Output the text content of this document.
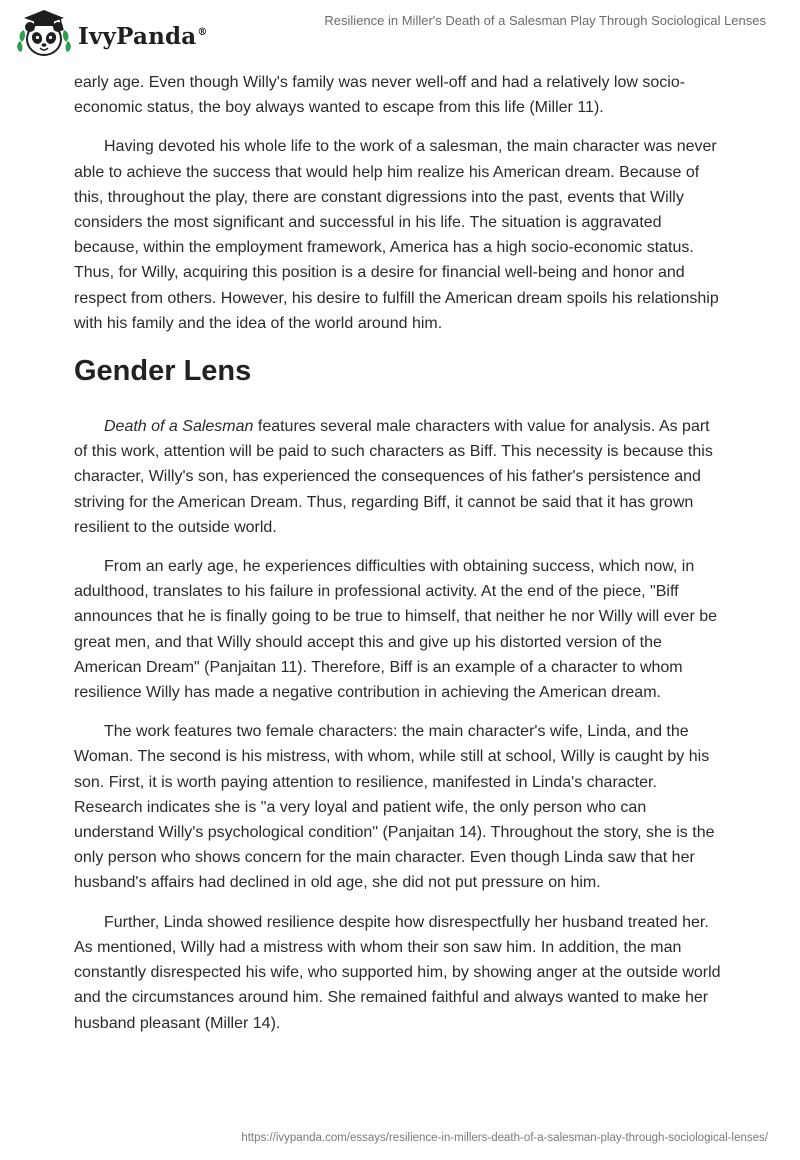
IvyPanda®
Resilience in Miller's Death of a Salesman Play Through Sociological Lenses

early age. Even though Willy's family was never well-off and had a relatively low socio-economic status, the boy always wanted to escape from this life (Miller 11).

Having devoted his whole life to the work of a salesman, the main character was never able to achieve the success that would help him realize his American dream. Because of this, throughout the play, there are constant digressions into the past, events that Willy considers the most significant and successful in his life. The situation is aggravated because, within the employment framework, America has a high socio-economic status. Thus, for Willy, acquiring this position is a desire for financial well-being and honor and respect from others. However, his desire to fulfill the American dream spoils his relationship with his family and the idea of the world around him.

Gender Lens

Death of a Salesman features several male characters with value for analysis. As part of this work, attention will be paid to such characters as Biff. This necessity is because this character, Willy's son, has experienced the consequences of his father's persistence and striving for the American Dream. Thus, regarding Biff, it cannot be said that it has grown resilient to the outside world.

From an early age, he experiences difficulties with obtaining success, which now, in adulthood, translates to his failure in professional activity. At the end of the piece, "Biff announces that he is finally going to be true to himself, that neither he nor Willy will ever be great men, and that Willy should accept this and give up his distorted version of the American Dream" (Panjaitan 11). Therefore, Biff is an example of a character to whom resilience Willy has made a negative contribution in achieving the American dream.

The work features two female characters: the main character's wife, Linda, and the Woman. The second is his mistress, with whom, while still at school, Willy is caught by his son. First, it is worth paying attention to resilience, manifested in Linda's character. Research indicates she is "a very loyal and patient wife, the only person who can understand Willy's psychological condition" (Panjaitan 14). Throughout the story, she is the only person who shows concern for the main character. Even though Linda saw that her husband's affairs had declined in old age, she did not put pressure on him.

Further, Linda showed resilience despite how disrespectfully her husband treated her. As mentioned, Willy had a mistress with whom their son saw him. In addition, the man constantly disrespected his wife, who supported him, by showing anger at the outside world and the circumstances around him. She remained faithful and always wanted to make her husband pleasant (Miller 14).

https://ivypanda.com/essays/resilience-in-millers-death-of-a-salesman-play-through-sociological-lenses/
